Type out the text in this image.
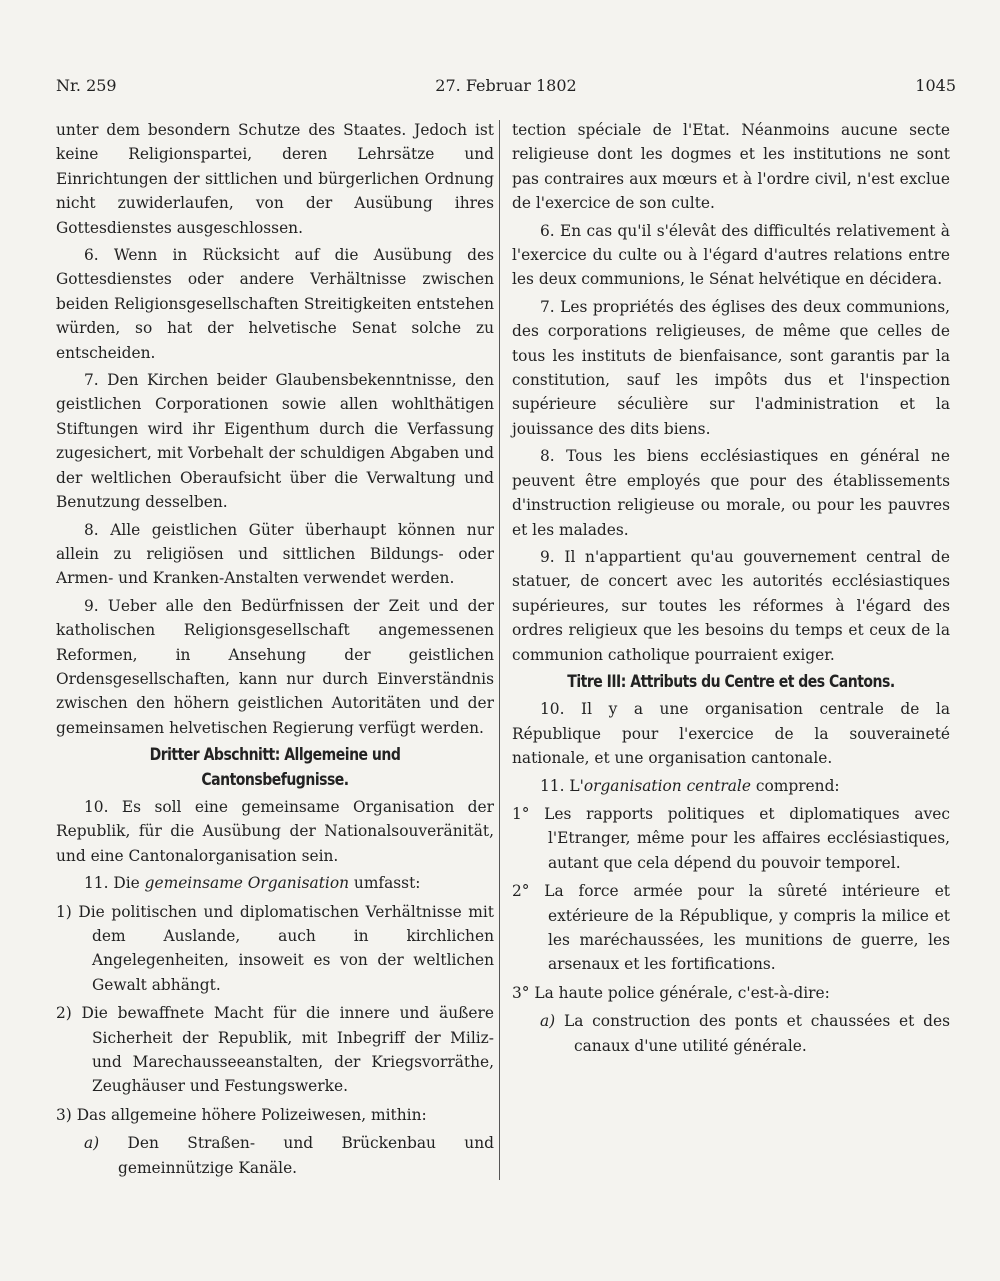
Nr. 259	27. Februar 1802	1045

unter dem besondern Schutze des Staates. Jedoch ist keine Religionspartei, deren Lehrsätze und Einrichtungen der sittlichen und bürgerlichen Ordnung nicht zuwiderlaufen, von der Ausübung ihres Gottesdienstes ausgeschlossen.

6. Wenn in Rücksicht auf die Ausübung des Gottesdienstes oder andere Verhältnisse zwischen beiden Religionsgesellschaften Streitigkeiten entstehen würden, so hat der helvetische Senat solche zu entscheiden.

7. Den Kirchen beider Glaubensbekenntnisse, den geistlichen Corporationen sowie allen wohlthätigen Stiftungen wird ihr Eigenthum durch die Verfassung zugesichert, mit Vorbehalt der schuldigen Abgaben und der weltlichen Oberaufsicht über die Verwaltung und Benutzung desselben.

8. Alle geistlichen Güter überhaupt können nur allein zu religiösen und sittlichen Bildungs- oder Armen- und Kranken-Anstalten verwendet werden.

9. Ueber alle den Bedürfnissen der Zeit und der katholischen Religionsgesellschaft angemessenen Reformen, in Ansehung der geistlichen Ordensgesellschaften, kann nur durch Einverständnis zwischen den höhern geistlichen Autoritäten und der gemeinsamen helvetischen Regierung verfügt werden.

Dritter Abschnitt: Allgemeine und Cantonsbefugnisse.

10. Es soll eine gemeinsame Organisation der Republik, für die Ausübung der Nationalsouveränität, und eine Cantonalorganisation sein.

11. Die gemeinsame Organisation umfasst:

1) Die politischen und diplomatischen Verhältnisse mit dem Auslande, auch in kirchlichen Angelegenheiten, insoweit es von der weltlichen Gewalt abhängt.

2) Die bewaffnete Macht für die innere und äußere Sicherheit der Republik, mit Inbegriff der Miliz- und Marechausseeanstalten, der Kriegsvorräthe, Zeughäuser und Festungswerke.

3) Das allgemeine höhere Polizeiwesen, mithin:

a) Den Straßen- und Brückenbau und gemeinnützige Kanäle.

tection spéciale de l'Etat. Néanmoins aucune secte religieuse dont les dogmes et les institutions ne sont pas contraires aux mœurs et à l'ordre civil, n'est exclue de l'exercice de son culte.

6. En cas qu'il s'élevât des difficultés relativement à l'exercice du culte ou à l'égard d'autres relations entre les deux communions, le Sénat helvétique en décidera.

7. Les propriétés des églises des deux communions, des corporations religieuses, de même que celles de tous les instituts de bienfaisance, sont garantis par la constitution, sauf les impôts dus et l'inspection supérieure séculière sur l'administration et la jouissance des dits biens.

8. Tous les biens ecclésiastiques en général ne peuvent être employés que pour des établissements d'instruction religieuse ou morale, ou pour les pauvres et les malades.

9. Il n'appartient qu'au gouvernement central de statuer, de concert avec les autorités ecclésiastiques supérieures, sur toutes les réformes à l'égard des ordres religieux que les besoins du temps et ceux de la communion catholique pourraient exiger.

Titre III: Attributs du Centre et des Cantons.

10. Il y a une organisation centrale de la République pour l'exercice de la souveraineté nationale, et une organisation cantonale.

11. L'organisation centrale comprend:

1° Les rapports politiques et diplomatiques avec l'Etranger, même pour les affaires ecclésiastiques, autant que cela dépend du pouvoir temporel.

2° La force armée pour la sûreté intérieure et extérieure de la République, y compris la milice et les maréchaussées, les munitions de guerre, les arsenaux et les fortifications.

3° La haute police générale, c'est-à-dire:

a) La construction des ponts et chaussées et des canaux d'une utilité générale.
